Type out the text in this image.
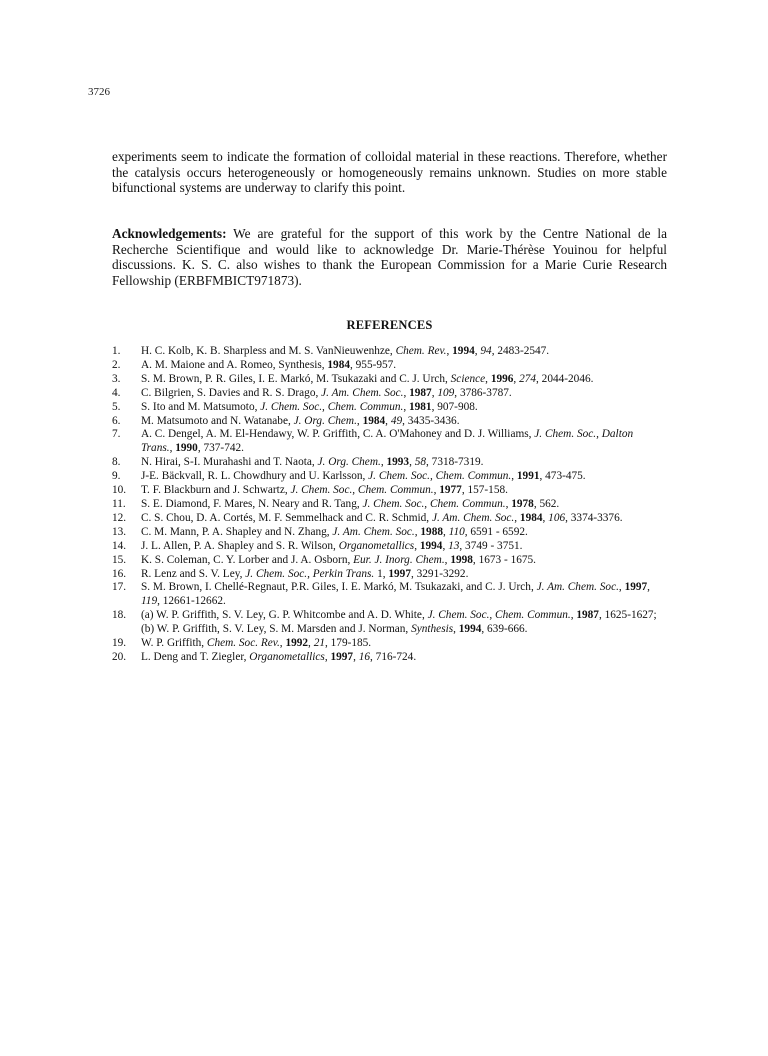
3726
experiments seem to indicate the formation of colloidal material in these reactions. Therefore, whether the catalysis occurs heterogeneously or homogeneously remains unknown. Studies on more stable bifunctional systems are underway to clarify this point.
Acknowledgements: We are grateful for the support of this work by the Centre National de la Recherche Scientifique and would like to acknowledge Dr. Marie-Thérèse Youinou for helpful discussions. K. S. C. also wishes to thank the European Commission for a Marie Curie Research Fellowship (ERBFMBICT971873).
REFERENCES
1.	H. C. Kolb, K. B. Sharpless and M. S. VanNieuwenhze, Chem. Rev., 1994, 94, 2483-2547.
2.	A. M. Maione and A. Romeo, Synthesis, 1984, 955-957.
3.	S. M. Brown, P. R. Giles, I. E. Markó, M. Tsukazaki and C. J. Urch, Science, 1996, 274, 2044-2046.
4.	C. Bilgrien, S. Davies and R. S. Drago, J. Am. Chem. Soc., 1987, 109, 3786-3787.
5.	S. Ito and M. Matsumoto, J. Chem. Soc., Chem. Commun., 1981, 907-908.
6.	M. Matsumoto and N. Watanabe, J. Org. Chem., 1984, 49, 3435-3436.
7.	A. C. Dengel, A. M. El-Hendawy, W. P. Griffith, C. A. O'Mahoney and D. J. Williams, J. Chem. Soc., Dalton Trans., 1990, 737-742.
8.	N. Hirai, S-I. Murahashi and T. Naota, J. Org. Chem., 1993, 58, 7318-7319.
9.	J-E. Bäckvall, R. L. Chowdhury and U. Karlsson, J. Chem. Soc., Chem. Commun., 1991, 473-475.
10.	T. F. Blackburn and J. Schwartz, J. Chem. Soc., Chem. Commun., 1977, 157-158.
11.	S. E. Diamond, F. Mares, N. Neary and R. Tang, J. Chem. Soc., Chem. Commun., 1978, 562.
12.	C. S. Chou, D. A. Cortés, M. F. Semmelhack and C. R. Schmid, J. Am. Chem. Soc., 1984, 106, 3374-3376.
13.	C. M. Mann, P. A. Shapley and N. Zhang, J. Am. Chem. Soc., 1988, 110, 6591 - 6592.
14.	J. L. Allen, P. A. Shapley and S. R. Wilson, Organometallics, 1994, 13, 3749 - 3751.
15.	K. S. Coleman, C. Y. Lorber and J. A. Osborn, Eur. J. Inorg. Chem., 1998, 1673 - 1675.
16.	R. Lenz and S. V. Ley, J. Chem. Soc., Perkin Trans. 1, 1997, 3291-3292.
17.	S. M. Brown, I. Chellé-Regnaut, P.R. Giles, I. E. Markó, M. Tsukazaki, and C. J. Urch, J. Am. Chem. Soc., 1997, 119, 12661-12662.
18.	(a) W. P. Griffith, S. V. Ley, G. P. Whitcombe and A. D. White, J. Chem. Soc., Chem. Commun., 1987, 1625-1627; (b) W. P. Griffith, S. V. Ley, S. M. Marsden and J. Norman, Synthesis, 1994, 639-666.
19.	W. P. Griffith, Chem. Soc. Rev., 1992, 21, 179-185.
20.	L. Deng and T. Ziegler, Organometallics, 1997, 16, 716-724.
